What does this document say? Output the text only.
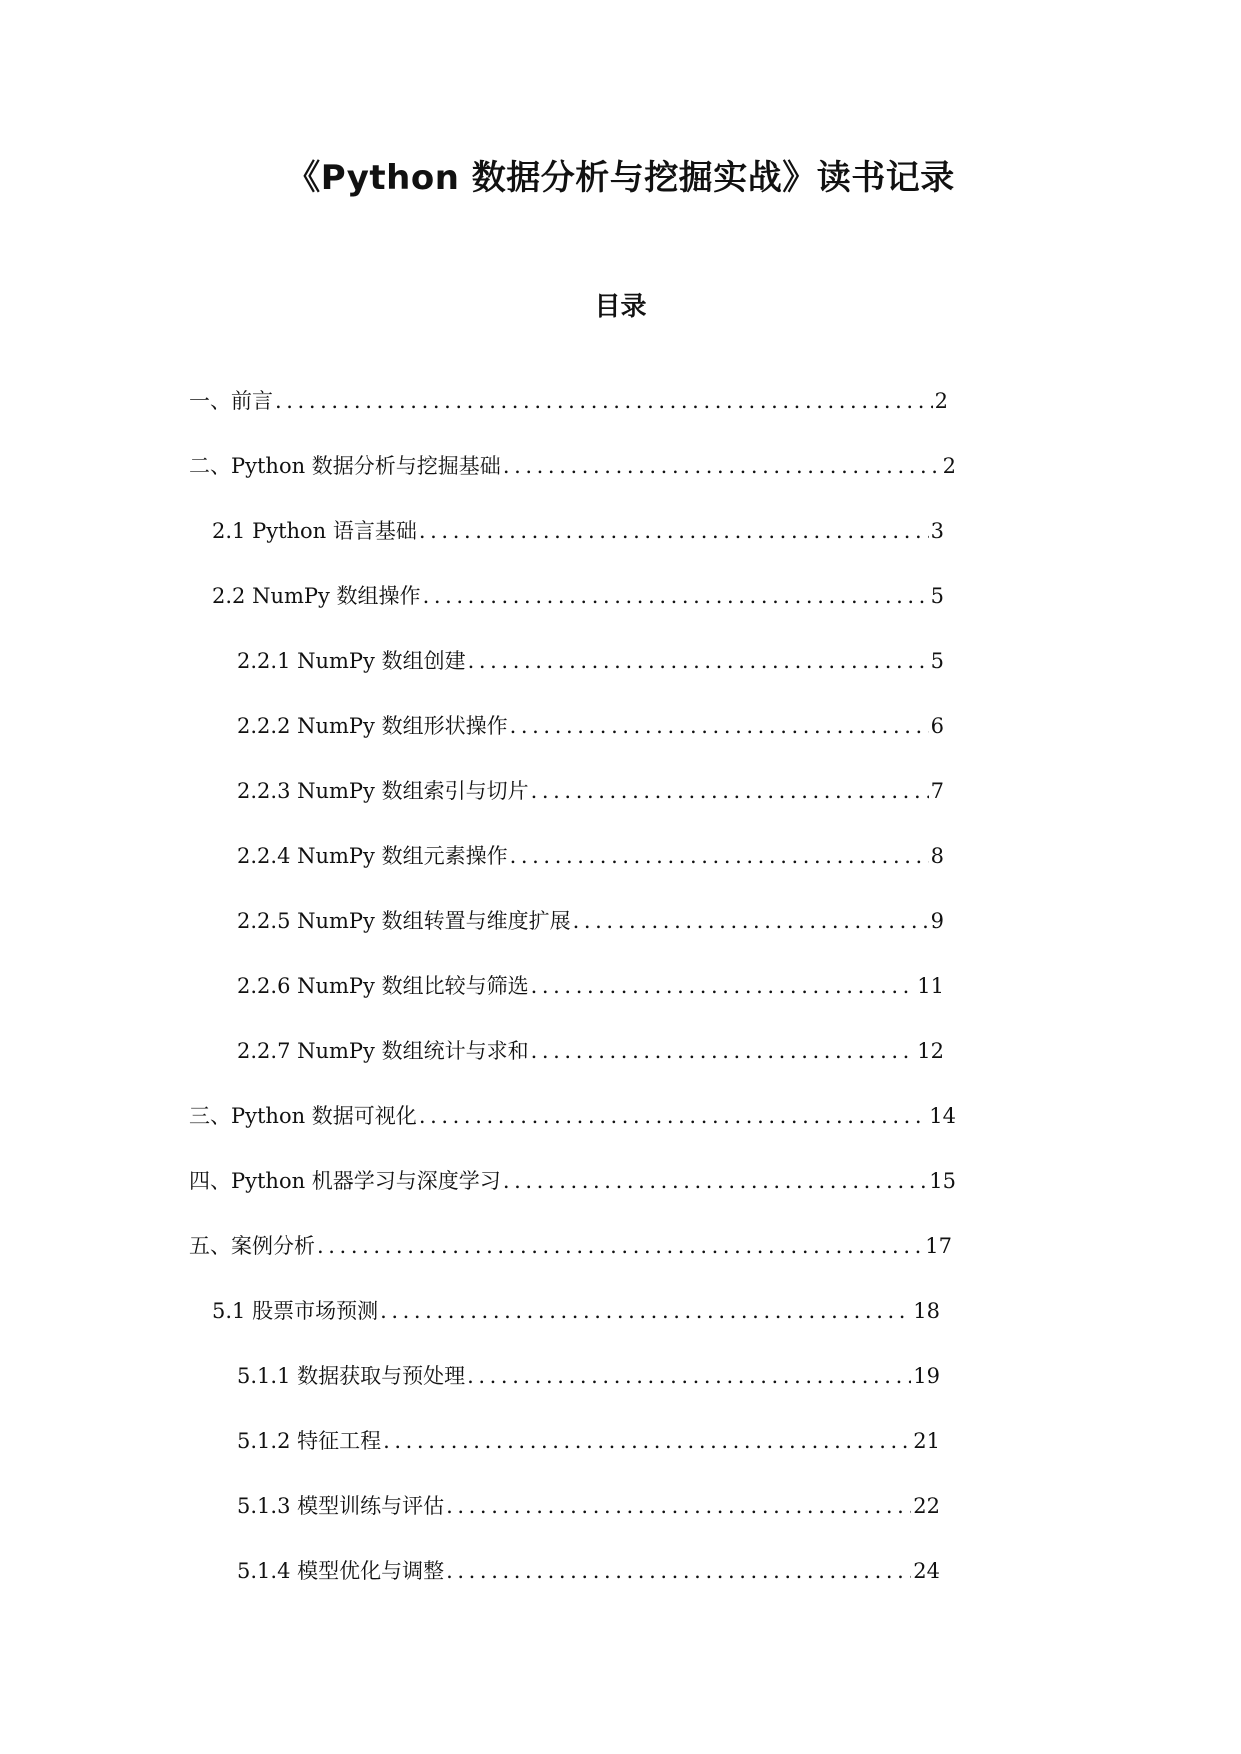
《Python 数据分析与挖掘实战》读书记录
目录
一、前言 .....	2
二、Python 数据分析与挖掘基础 .....	2
2.1 Python 语言基础 .....	3
2.2 NumPy 数组操作 .....	5
2.2.1 NumPy 数组创建 .....	5
2.2.2 NumPy 数组形状操作 .....	6
2.2.3 NumPy 数组索引与切片 .....	7
2.2.4 NumPy 数组元素操作 .....	8
2.2.5 NumPy 数组转置与维度扩展 .....	9
2.2.6 NumPy 数组比较与筛选 .....	11
2.2.7 NumPy 数组统计与求和 .....	12
三、Python 数据可视化 .....	14
四、Python 机器学习与深度学习 .....	15
五、案例分析 .....	17
5.1 股票市场预测 .....	18
5.1.1 数据获取与预处理 .....	19
5.1.2 特征工程 .....	21
5.1.3 模型训练与评估 .....	22
5.1.4 模型优化与调整 .....	24
